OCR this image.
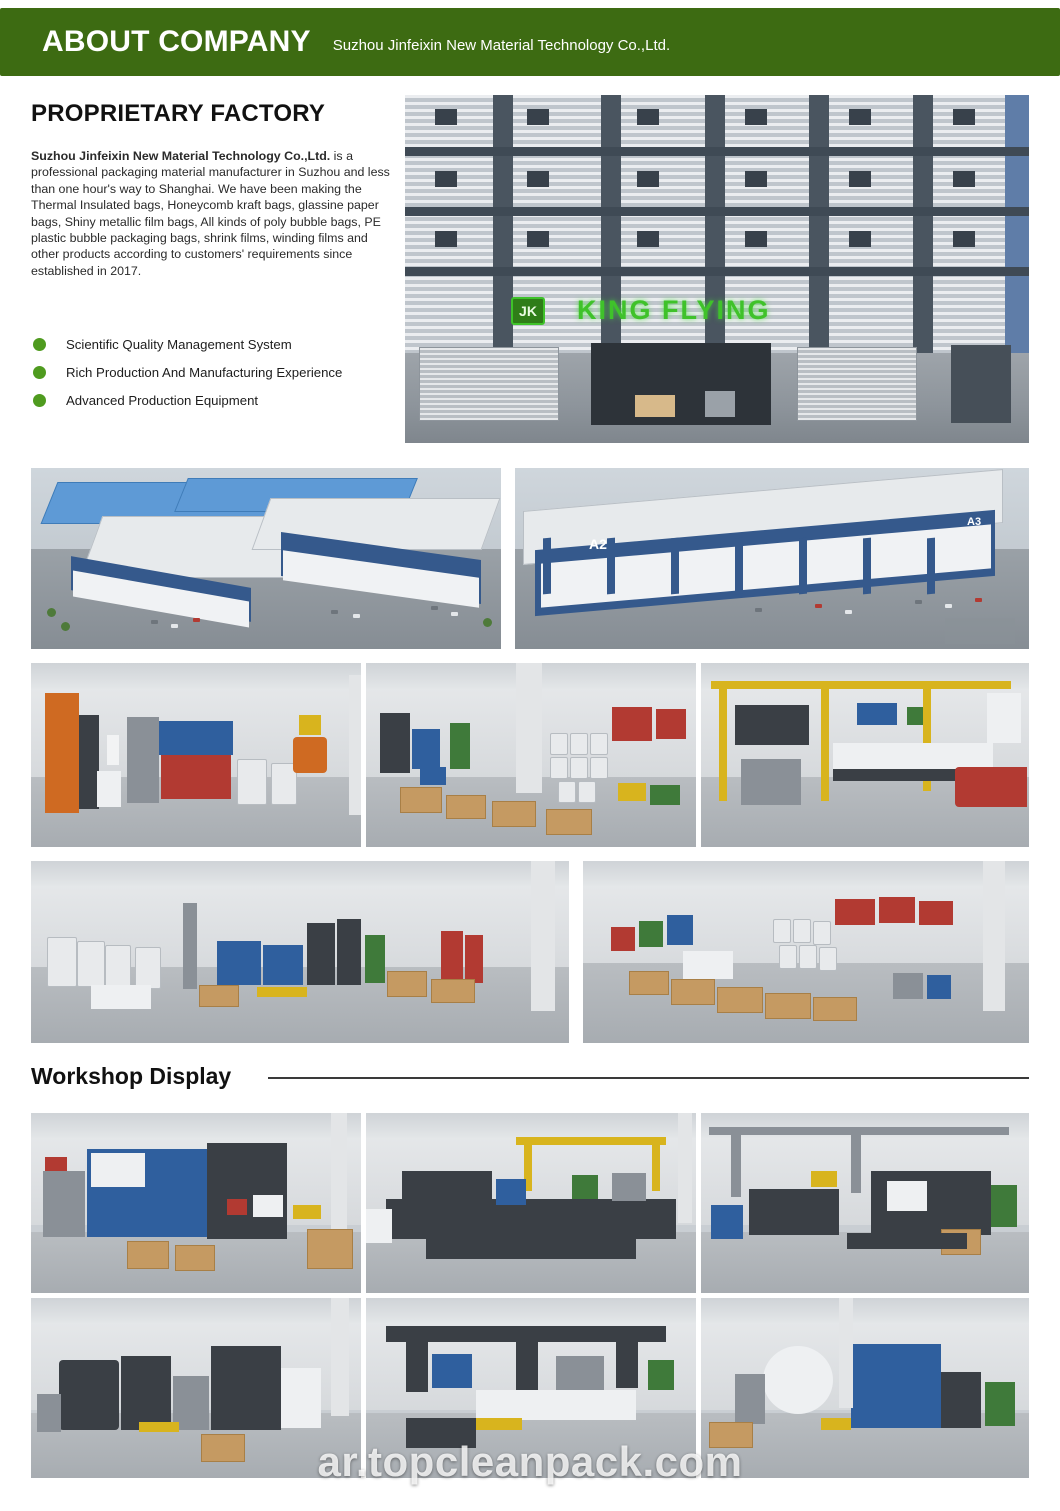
ABOUT COMPANY Suzhou Jinfeixin New Material Technology Co.,Ltd.
PROPRIETARY FACTORY
Suzhou Jinfeixin New Material Technology Co.,Ltd. is a professional packaging material manufacturer in Suzhou and less than one hour's way to Shanghai. We have been making the Thermal Insulated bags, Honeycomb kraft bags, glassine paper bags, Shiny metallic film bags, All kinds of poly bubble bags, PE plastic bubble packaging bags, shrink films, winding films and other products according to customers' requirements since established in 2017.
Scientific Quality Management System
Rich Production And Manufacturing Experience
Advanced Production Equipment
JK KING FLYING
A2
A3
Workshop Display
ar.topcleanpack.com
